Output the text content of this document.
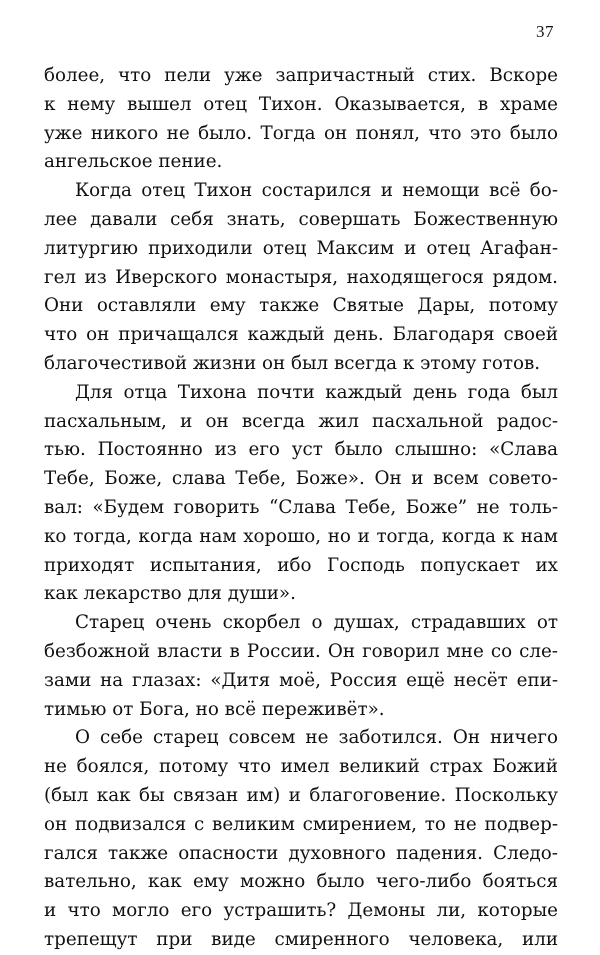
37
более, что пели уже запричастный стих. Вскоре
к нему вышел отец Тихон. Оказывается, в храме
уже никого не было. Тогда он понял, что это было
ангельское пение.
Когда отец Тихон состарился и немощи всё бо-
лее давали себя знать, совершать Божественную
литургию приходили отец Максим и отец Агафан-
гел из Иверского монастыря, находящегося рядом.
Они оставляли ему также Святые Дары, потому
что он причащался каждый день. Благодаря своей
благочестивой жизни он был всегда к этому готов.
Для отца Тихона почти каждый день года был
пасхальным, и он всегда жил пасхальной радос-
тью. Постоянно из его уст было слышно: «Слава
Тебе, Боже, слава Тебе, Боже». Он и всем совето-
вал: «Будем говорить “Слава Тебе, Боже” не толь-
ко тогда, когда нам хорошо, но и тогда, когда к нам
приходят испытания, ибо Господь попускает их
как лекарство для души».
Старец очень скорбел о душах, страдавших от
безбожной власти в России. Он говорил мне со сле-
зами на глазах: «Дитя моё, Россия ещё несёт епи-
тимью от Бога, но всё переживёт».
О себе старец совсем не заботился. Он ничего
не боялся, потому что имел великий страх Божий
(был как бы связан им) и благоговение. Поскольку
он подвизался с великим смирением, то не подвер-
гался также опасности духовного падения. Следо-
вательно, как ему можно было чего-либо бояться
и что могло его устрашить? Демоны ли, которые
трепещут при виде смиренного человека, или
